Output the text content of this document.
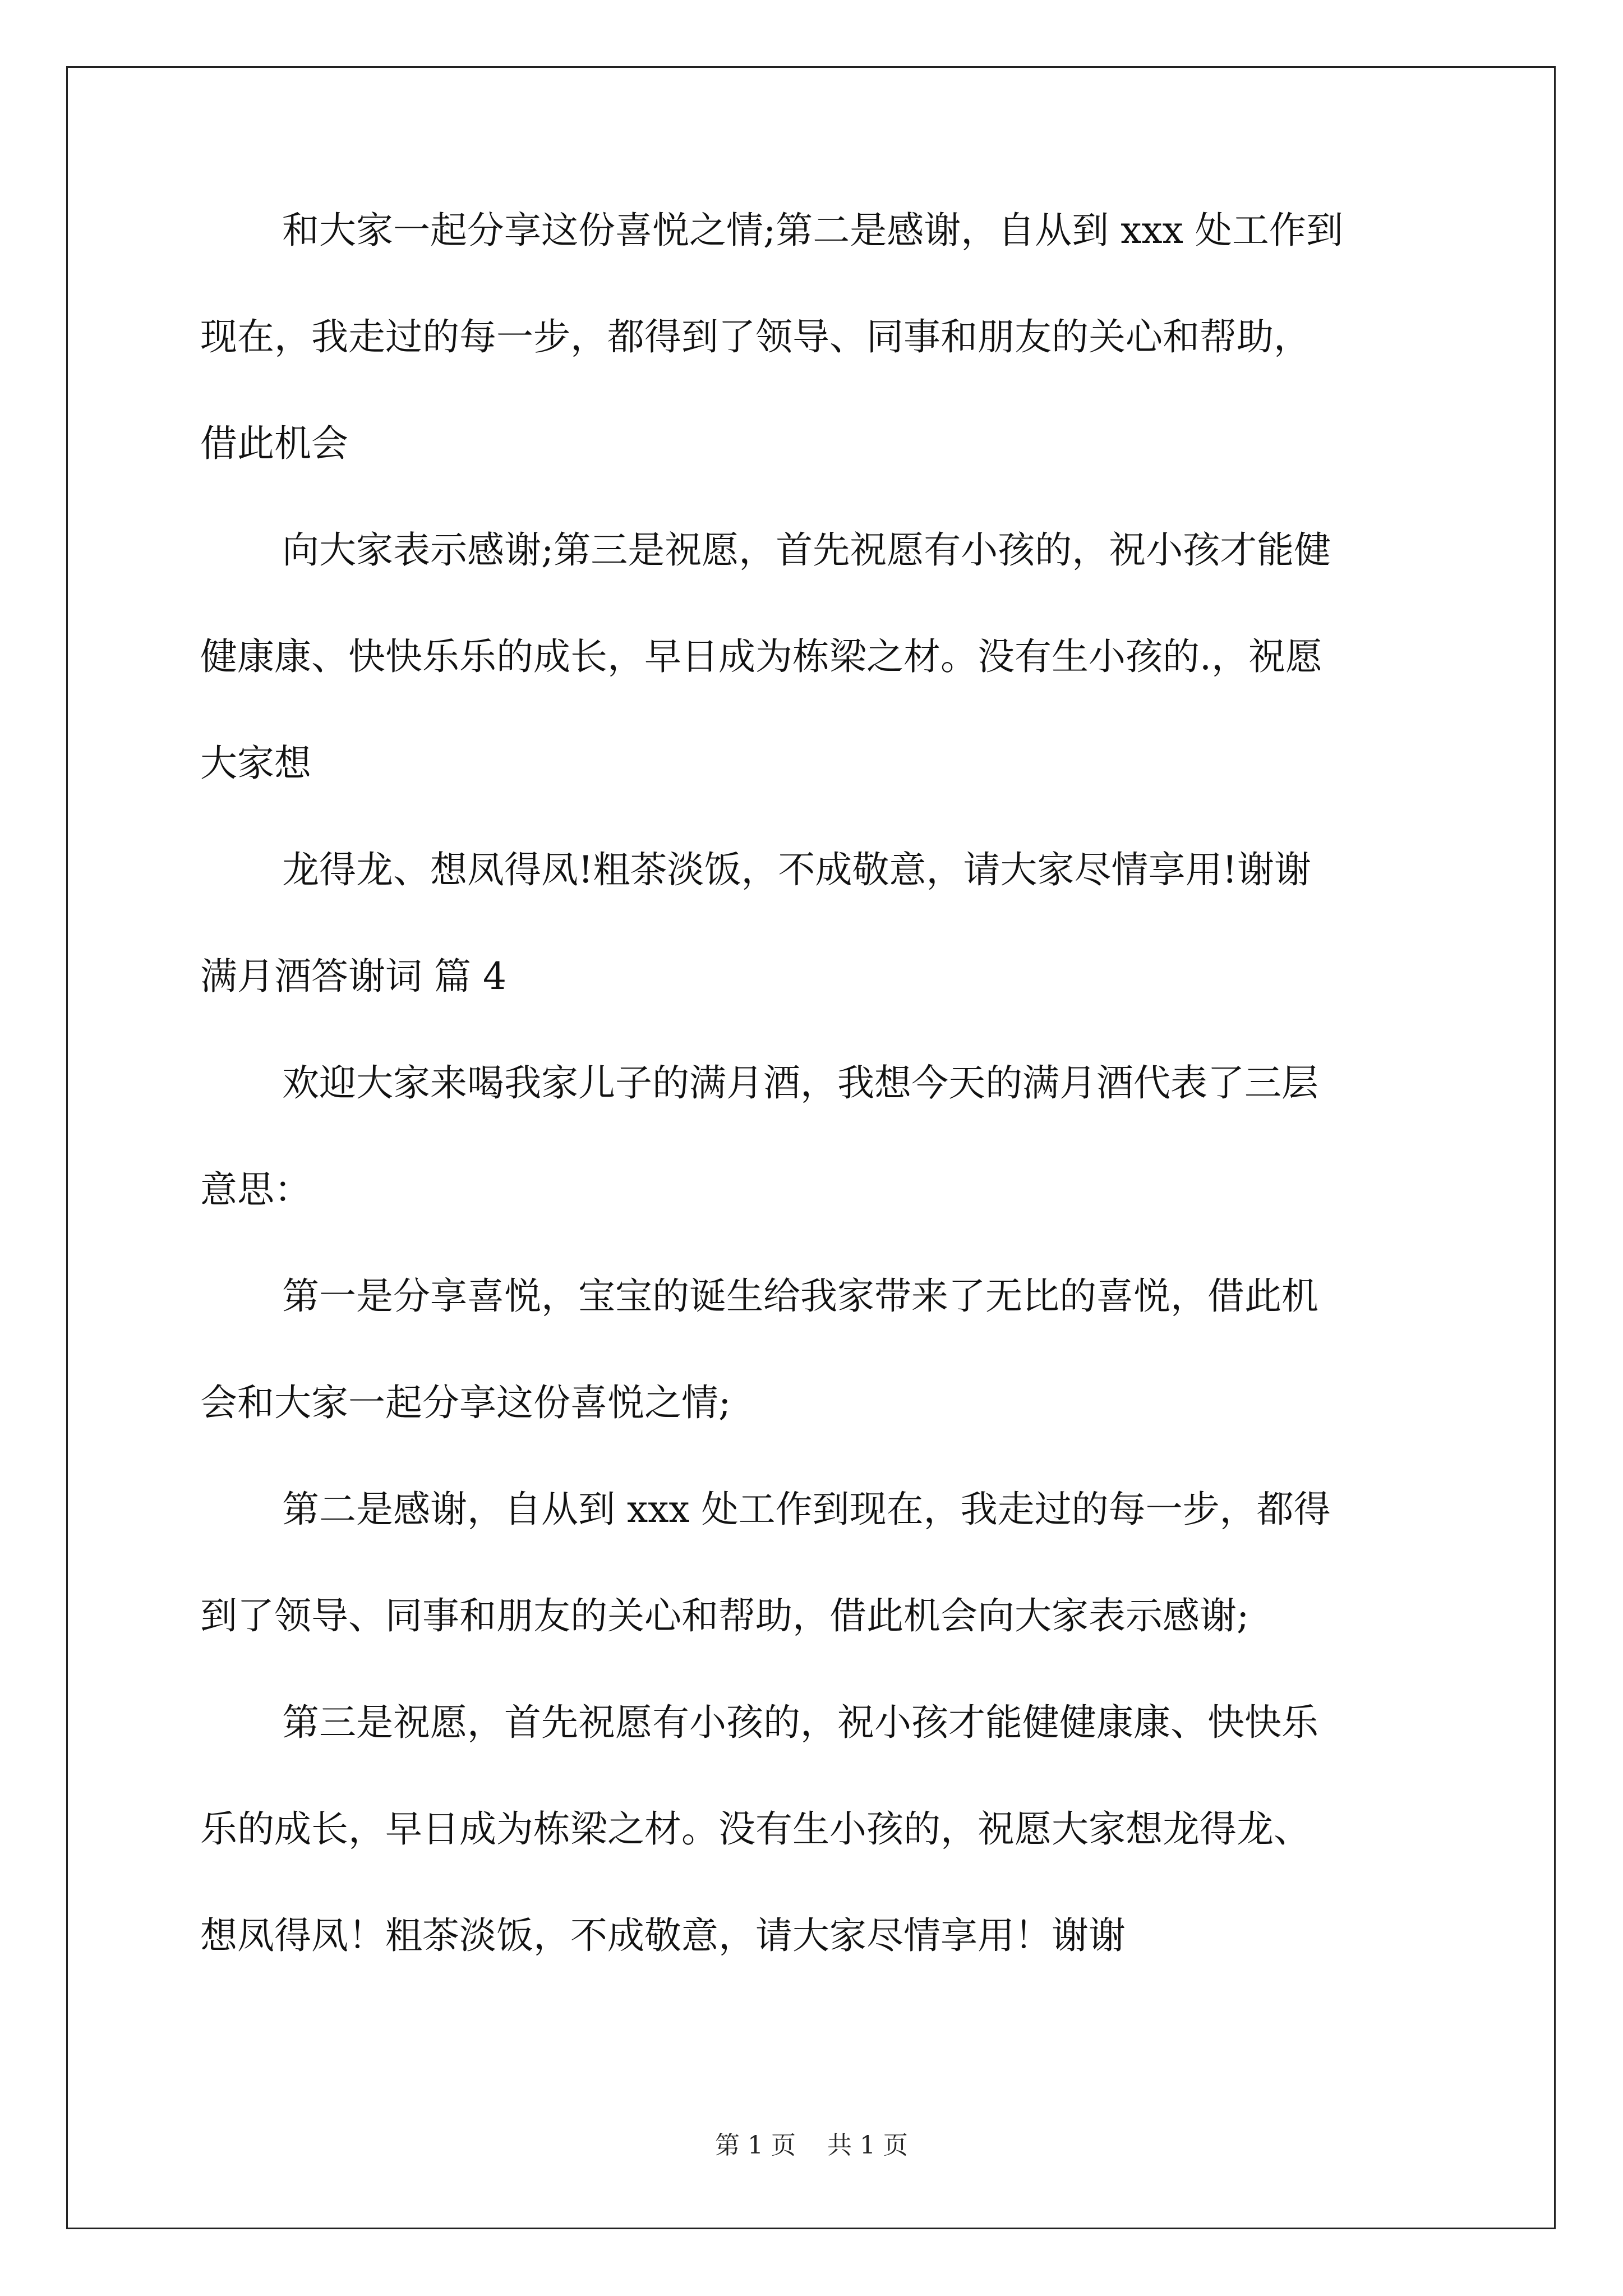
和大家一起分享这份喜悦之情;第二是感谢，自从到 xxx 处工作到

现在，我走过的每一步，都得到了领导、同事和朋友的关心和帮助，

借此机会

向大家表示感谢;第三是祝愿，首先祝愿有小孩的，祝小孩才能健

健康康、快快乐乐的成长，早日成为栋梁之材。没有生小孩的.，祝愿

大家想

龙得龙、想凤得凤!粗茶淡饭，不成敬意，请大家尽情享用!谢谢

满月酒答谢词 篇 4

欢迎大家来喝我家儿子的满月酒，我想今天的满月酒代表了三层

意思：

第一是分享喜悦，宝宝的诞生给我家带来了无比的喜悦，借此机

会和大家一起分享这份喜悦之情;

第二是感谢，自从到 xxx 处工作到现在，我走过的每一步，都得

到了领导、同事和朋友的关心和帮助，借此机会向大家表示感谢;

第三是祝愿，首先祝愿有小孩的，祝小孩才能健健康康、快快乐

乐的成长，早日成为栋梁之材。没有生小孩的，祝愿大家想龙得龙、

想凤得凤！粗茶淡饭，不成敬意，请大家尽情享用！谢谢

第 1 页    共 1 页
